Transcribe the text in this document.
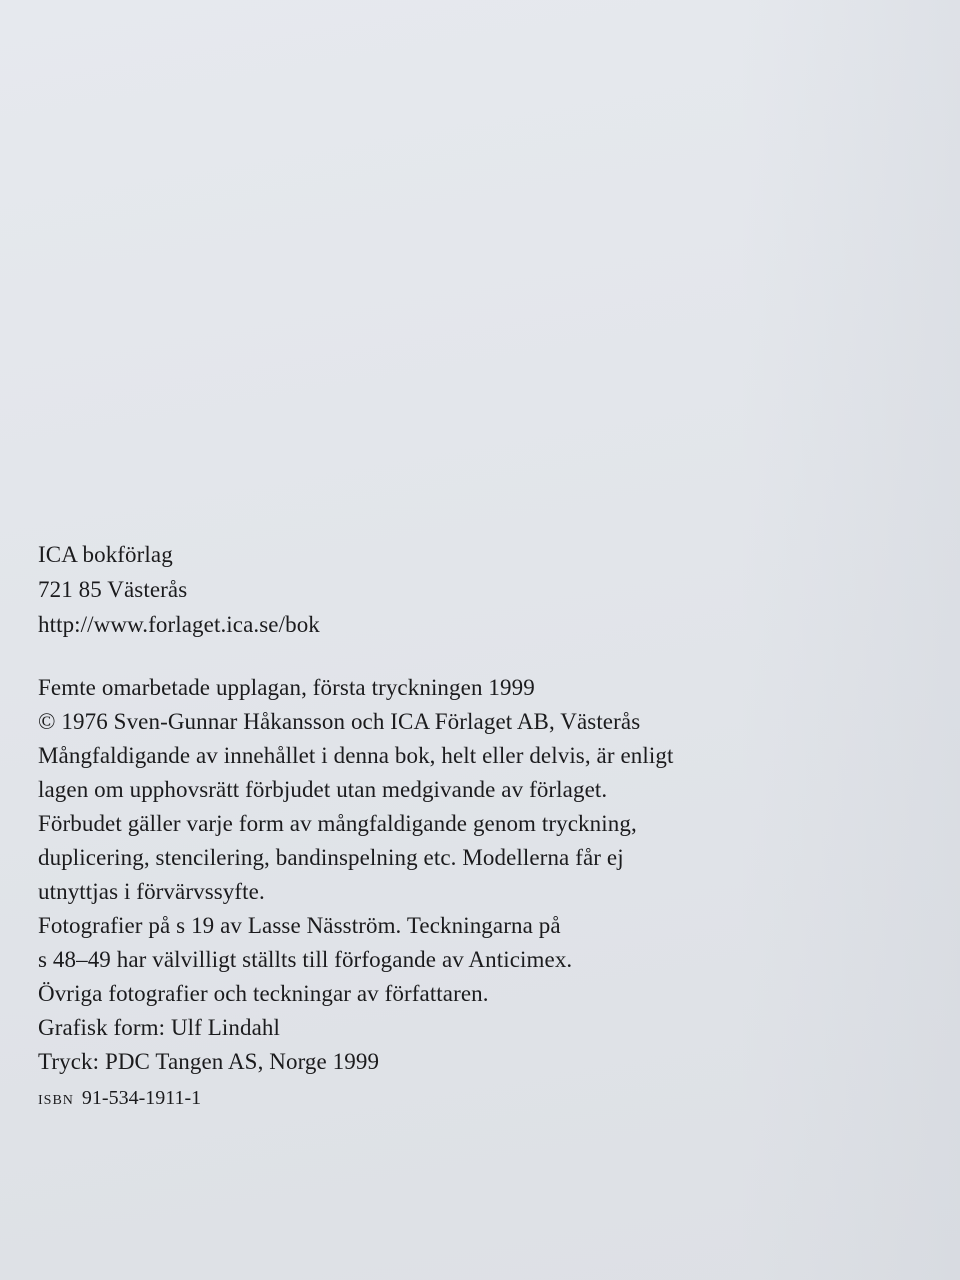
ICA bokförlag
721 85 Västerås
http://www.forlaget.ica.se/bok
Femte omarbetade upplagan, första tryckningen 1999
© 1976 Sven-Gunnar Håkansson och ICA Förlaget AB, Västerås
Mångfaldigande av innehållet i denna bok, helt eller delvis, är enligt
lagen om upphovsrätt förbjudet utan medgivande av förlaget.
Förbudet gäller varje form av mångfaldigande genom tryckning,
duplicering, stencilering, bandinspelning etc. Modellerna får ej
utnyttjas i förvärvssyfte.
Fotografier på s 19 av Lasse Näsström. Teckningarna på
s 48–49 har välvilligt ställts till förfogande av Anticimex.
Övriga fotografier och teckningar av författaren.
Grafisk form: Ulf Lindahl
Tryck: PDC Tangen AS, Norge 1999
ISBN 91-534-1911-1
